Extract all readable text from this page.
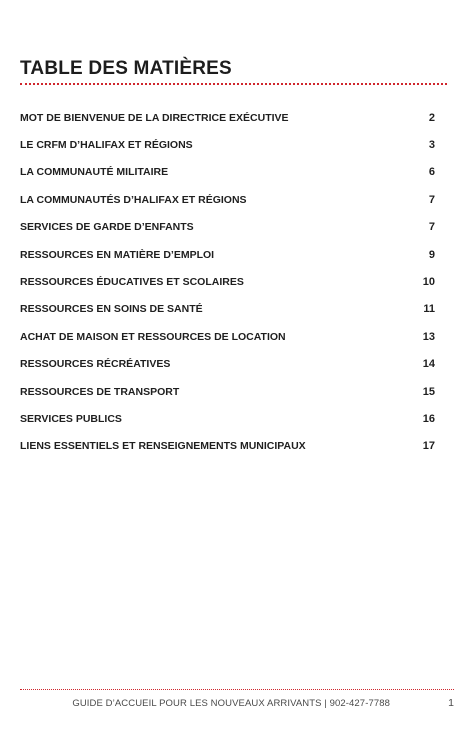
TABLE DES MATIÈRES
MOT DE BIENVENUE DE LA DIRECTRICE EXÉCUTIVE	2
LE CRFM D’HALIFAX ET RÉGIONS	3
LA COMMUNAUTÉ MILITAIRE	6
LA COMMUNAUTÉS D’HALIFAX ET RÉGIONS	7
SERVICES DE GARDE D’ENFANTS	7
RESSOURCES EN MATIÈRE D’EMPLOI	9
RESSOURCES ÉDUCATIVES ET SCOLAIRES	10
RESSOURCES EN SOINS DE SANTÉ	11
ACHAT DE MAISON ET RESSOURCES DE LOCATION	13
RESSOURCES RÉCRÉATIVES	14
RESSOURCES DE TRANSPORT	15
SERVICES PUBLICS	16
LIENS ESSENTIELS ET RENSEIGNEMENTS MUNICIPAUX	17
GUIDE D’ACCUEIL POUR LES NOUVEAUX ARRIVANTS | 902-427-7788	1
